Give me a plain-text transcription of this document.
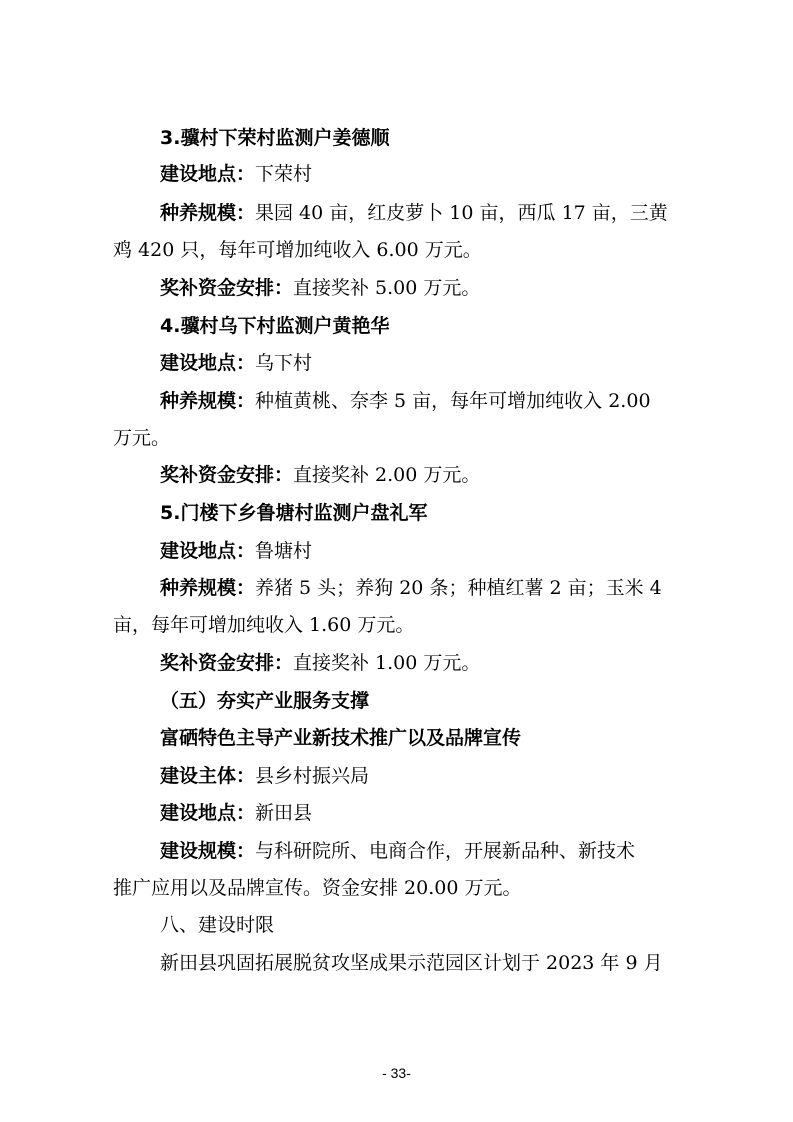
3.骥村下荣村监测户姜德顺
建设地点：下荣村
种养规模：果园 40 亩，红皮萝卜 10 亩，西瓜 17 亩，三黄
鸡 420 只，每年可增加纯收入 6.00 万元。
奖补资金安排：直接奖补 5.00 万元。
4.骥村乌下村监测户黄艳华
建设地点：乌下村
种养规模：种植黄桃、奈李 5 亩，每年可增加纯收入 2.00
万元。
奖补资金安排：直接奖补 2.00 万元。
5.门楼下乡鲁塘村监测户盘礼军
建设地点：鲁塘村
种养规模：养猪 5 头；养狗 20 条；种植红薯 2 亩；玉米 4
亩，每年可增加纯收入 1.60 万元。
奖补资金安排：直接奖补 1.00 万元。
（五）夯实产业服务支撑
富硒特色主导产业新技术推广以及品牌宣传
建设主体：县乡村振兴局
建设地点：新田县
建设规模：与科研院所、电商合作，开展新品种、新技术
推广应用以及品牌宣传。资金安排 20.00 万元。
八、建设时限
新田县巩固拓展脱贫攻坚成果示范园区计划于 2023 年 9 月
- 33-
